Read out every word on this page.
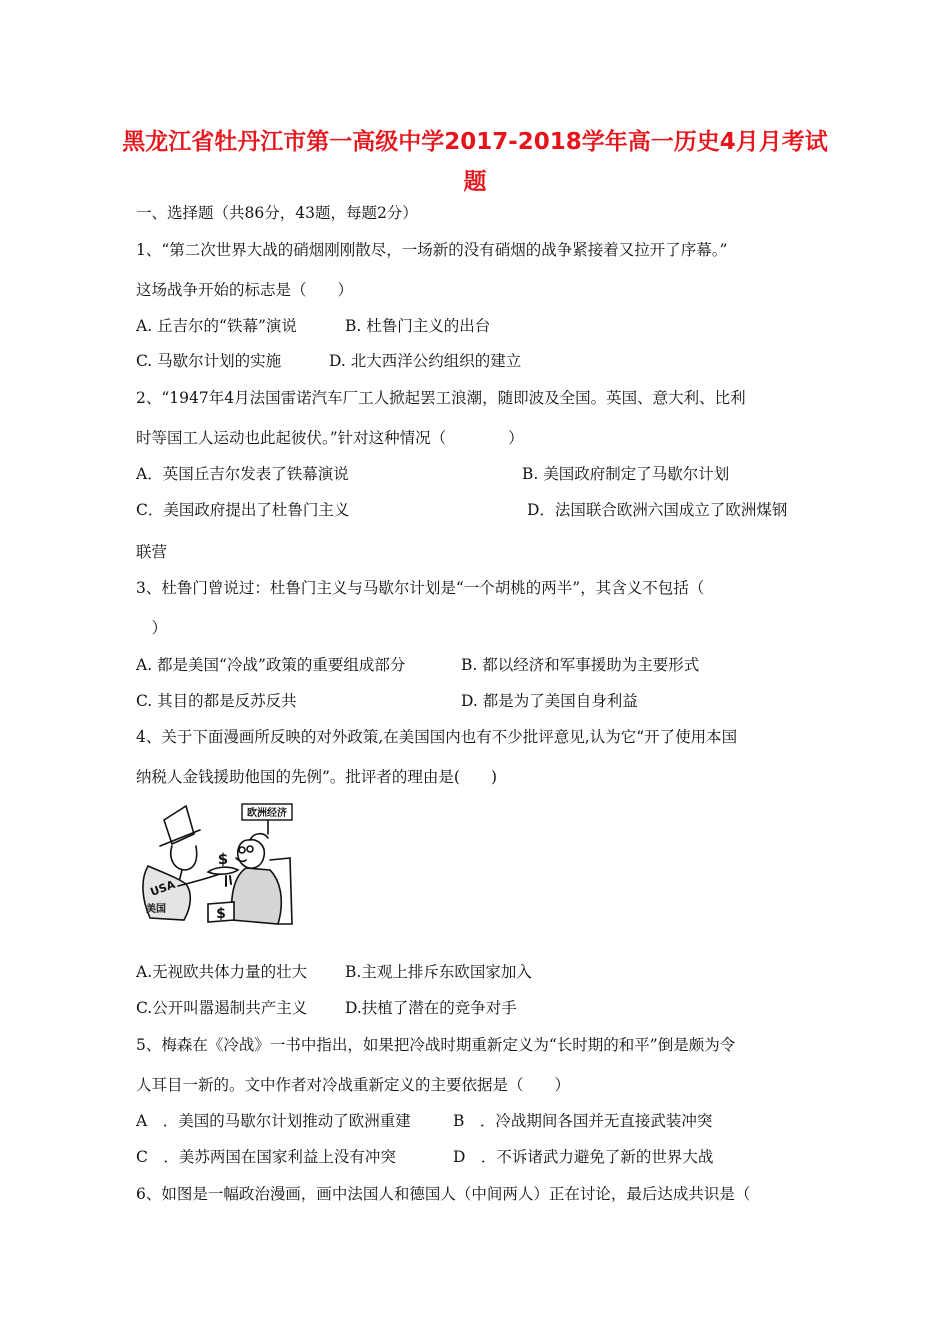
黑龙江省牡丹江市第一高级中学2017-2018学年高一历史4月月考试
题
一、选择题（共86分，43题，每题2分）
1、“第二次世界大战的硝烟刚刚散尽，一场新的没有硝烟的战争紧接着又拉开了序幕。”
这场战争开始的标志是（　　）
A. 丘吉尔的“铁幕”演说	B. 杜鲁门主义的出台
C. 马歇尔计划的实施	D. 北大西洋公约组织的建立
2、“1947年4月法国雷诺汽车厂工人掀起罢工浪潮，随即波及全国。英国、意大利、比利
时等国工人运动也此起彼伏。”针对这种情况（　　　　）
A．英国丘吉尔发表了铁幕演说	B. 美国政府制定了马歇尔计划
C．美国政府提出了杜鲁门主义	D．法国联合欧洲六国成立了欧洲煤钢
联营
3、杜鲁门曾说过：杜鲁门主义与马歇尔计划是“一个胡桃的两半”，其含义不包括（
　）
A. 都是美国“冷战”政策的重要组成部分	B. 都以经济和军事援助为主要形式
C. 其目的都是反苏反共	D. 都是为了美国自身利益
4、关于下面漫画所反映的对外政策,在美国国内也有不少批评意见,认为它“开了使用本国
纳税人金钱援助他国的先例”。批评者的理由是(　　)
欧洲经济
$
$
USA
美国
A.无视欧共体力量的壮大 B.主观上排斥东欧国家加入
C.公开叫嚣遏制共产主义 D.扶植了潜在的竞争对手
5、梅森在《冷战》一书中指出，如果把冷战时期重新定义为“长时期的和平”倒是颇为令
人耳目一新的。文中作者对冷战重新定义的主要依据是（　　）
A　．美国的马歇尔计划推动了欧洲重建	B　．冷战期间各国并无直接武装冲突
C　．美苏两国在国家利益上没有冲突	D　．不诉诸武力避免了新的世界大战
6、如图是一幅政治漫画，画中法国人和德国人（中间两人）正在讨论，最后达成共识是（
